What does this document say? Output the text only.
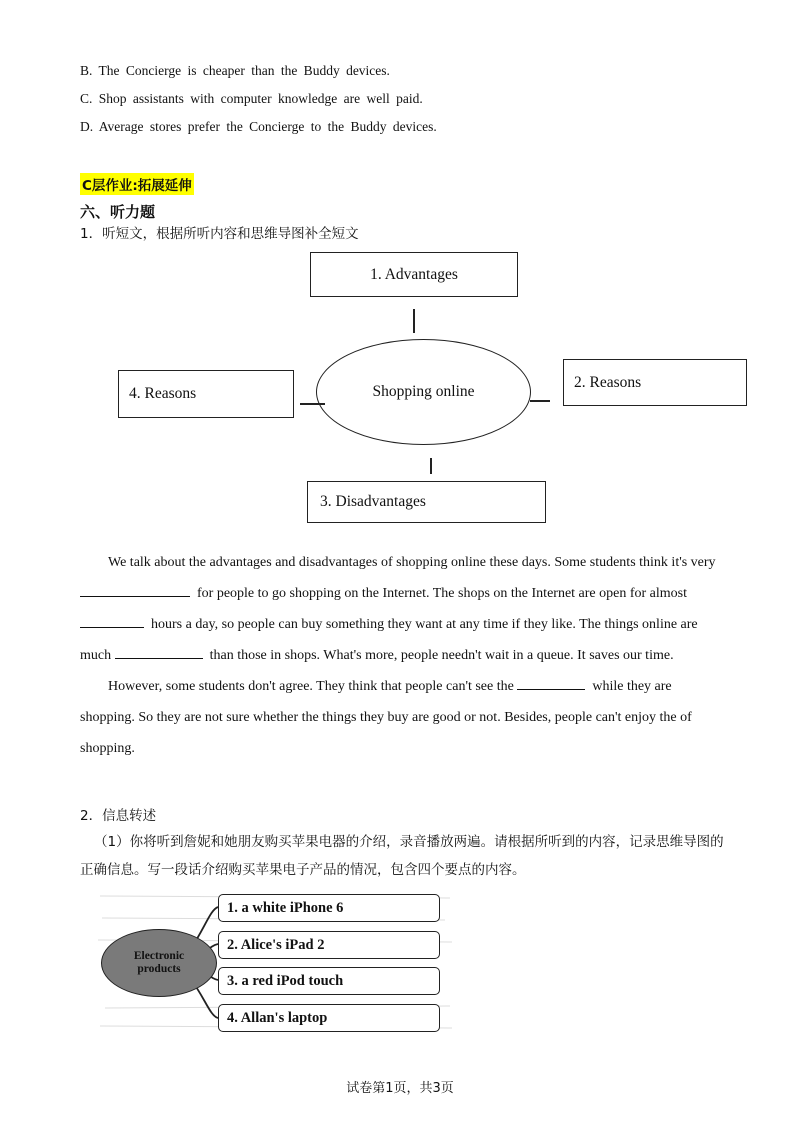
B. The Concierge is cheaper than the Buddy devices.
C. Shop assistants with computer knowledge are well paid.
D. Average stores prefer the Concierge to the Buddy devices.
C层作业:拓展延伸
六、听力题
1．听短文，根据所听内容和思维导图补全短文
1. Advantages
2. Reasons
4. Reasons
3. Disadvantages
Shopping online

We talk about the advantages and disadvantages of shopping online these days. Some students think it's very   for people to go shopping on the Internet. The shops on the Internet are open for almost   hours a day, so people can buy something they want at any time if they like. The things online are much	than those in shops. What's more, people needn't wait in a queue. It saves our time.

However, some students don't agree. They think that people can't see the	while they are shopping. So they are not sure whether the things they buy are good or not. Besides, people can't enjoy the of shopping.

2．信息转述

（1）你将听到詹妮和她朋友购买苹果电器的介绍，录音播放两遍。请根据所听到的内容，记录思维导图的正确信息。写一段话介绍购买苹果电子产品的情况，包含四个要点的内容。

Electronic
products
1. a white iPhone 6
2. Alice's iPad 2
3. a red iPod touch
4. Allan's laptop
试卷第1页，共3页
